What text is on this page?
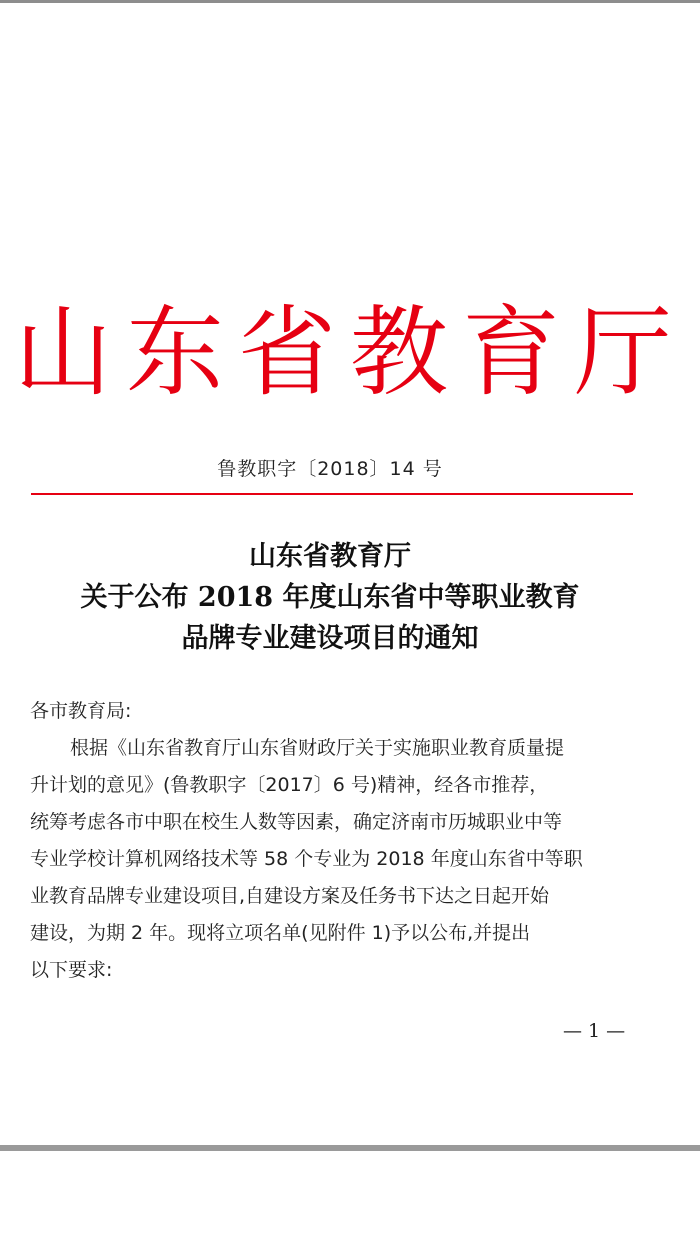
山东省教育厅
鲁教职字〔2018〕14 号
山东省教育厅
关于公布 2018 年度山东省中等职业教育
品牌专业建设项目的通知
各市教育局:
根据《山东省教育厅山东省财政厅关于实施职业教育质量提
升计划的意见》(鲁教职字〔2017〕6 号)精神，经各市推荐，
统筹考虑各市中职在校生人数等因素，确定济南市历城职业中等
专业学校计算机网络技术等 58 个专业为 2018 年度山东省中等职
业教育品牌专业建设项目,自建设方案及任务书下达之日起开始
建设，为期 2 年。现将立项名单(见附件 1)予以公布,并提出
以下要求:
— 1 —
